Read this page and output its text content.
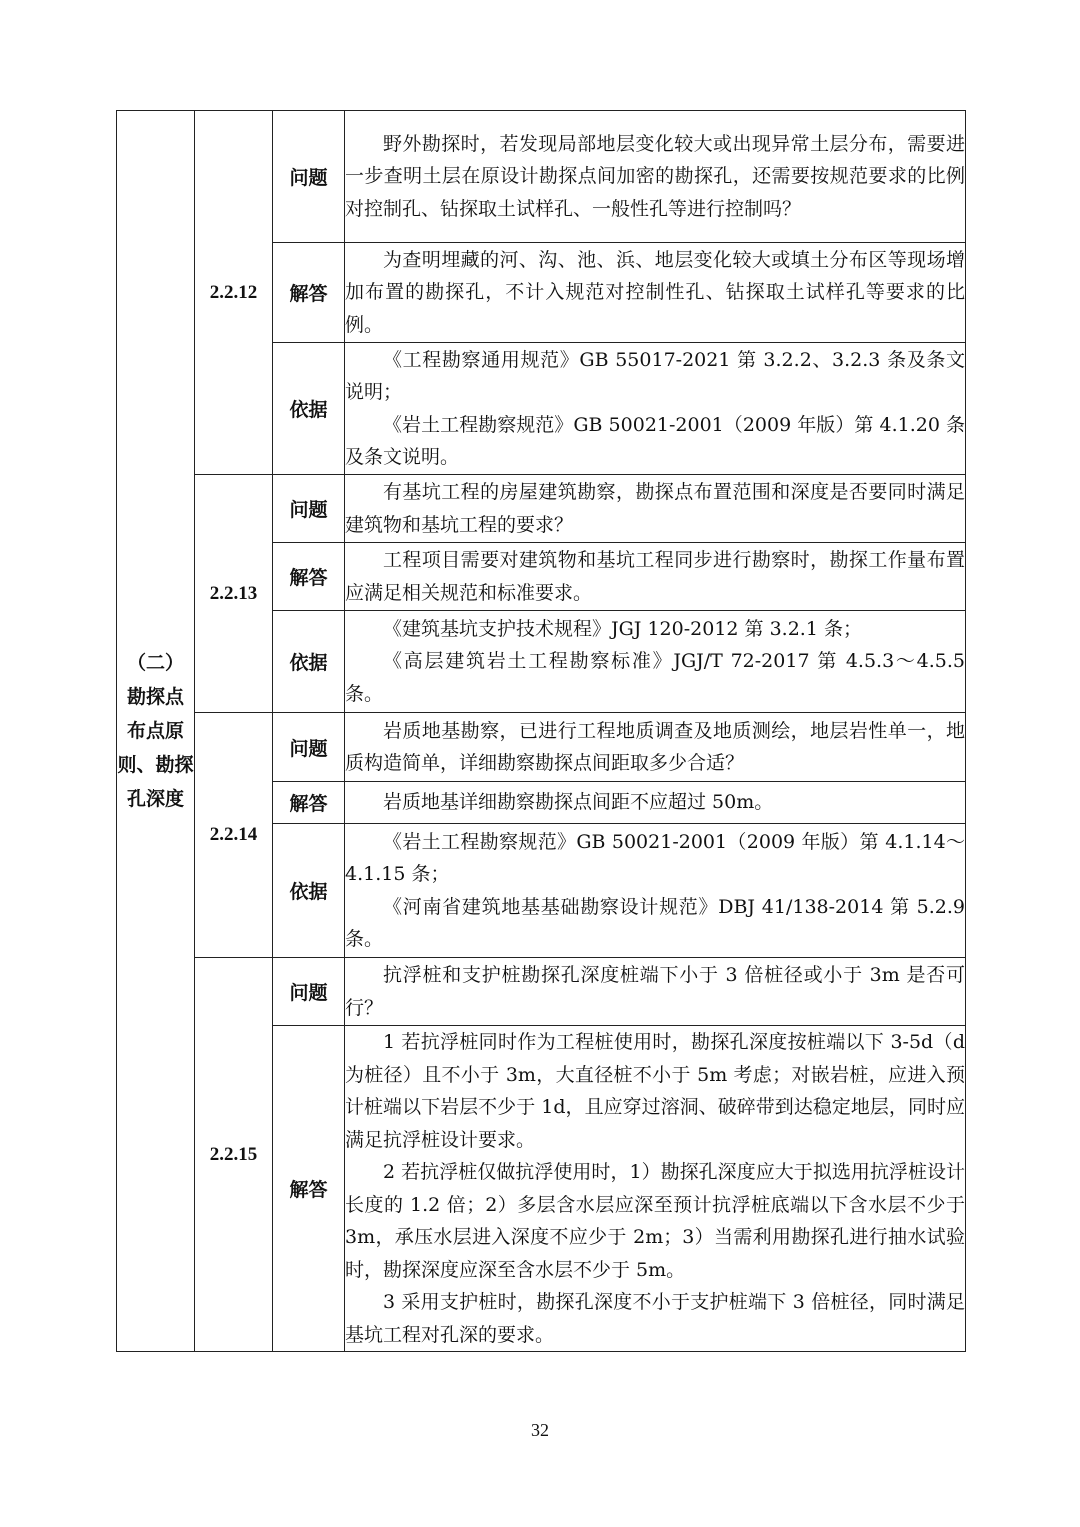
（二）
勘探点
布点原
则、勘探
孔深度	2.2.12	问题	野外勘探时，若发现局部地层变化较大或出现异常土层分布，需要进一步查明土层在原设计勘探点间加密的勘探孔，还需要按规范要求的比例对控制孔、钻探取土试样孔、一般性孔等进行控制吗？

		解答	为查明埋藏的河、沟、池、浜、地层变化较大或填土分布区等现场增加布置的勘探孔，不计入规范对控制性孔、钻探取土试样孔等要求的比例。

		依据	《工程勘察通用规范》GB 55017-2021 第 3.2.2、3.2.3 条及条文说明；

《岩土工程勘察规范》GB 50021-2001（2009 年版）第 4.1.20 条及条文说明。

	2.2.13	问题	有基坑工程的房屋建筑勘察，勘探点布置范围和深度是否要同时满足建筑物和基坑工程的要求？

		解答	工程项目需要对建筑物和基坑工程同步进行勘察时，勘探工作量布置应满足相关规范和标准要求。

		依据	《建筑基坑支护技术规程》JGJ 120-2012 第 3.2.1 条；

《高层建筑岩土工程勘察标准》JGJ/T 72-2017 第 4.5.3～4.5.5 条。

	2.2.14	问题	岩质地基勘察，已进行工程地质调查及地质测绘，地层岩性单一，地质构造简单，详细勘察勘探点间距取多少合适？

		解答	岩质地基详细勘察勘探点间距不应超过 50m。

		依据	《岩土工程勘察规范》GB 50021-2001（2009 年版）第 4.1.14～4.1.15 条；

《河南省建筑地基基础勘察设计规范》DBJ 41/138-2014 第 5.2.9 条。

	2.2.15	问题	抗浮桩和支护桩勘探孔深度桩端下小于 3 倍桩径或小于 3m 是否可行？

		解答	1 若抗浮桩同时作为工程桩使用时，勘探孔深度按桩端以下 3-5d（d 为桩径）且不小于 3m，大直径桩不小于 5m 考虑；对嵌岩桩，应进入预计桩端以下岩层不少于 1d，且应穿过溶洞、破碎带到达稳定地层，同时应满足抗浮桩设计要求。

2 若抗浮桩仅做抗浮使用时，1）勘探孔深度应大于拟选用抗浮桩设计长度的 1.2 倍；2）多层含水层应深至预计抗浮桩底端以下含水层不少于 3m，承压水层进入深度不应少于 2m；3）当需利用勘探孔进行抽水试验时，勘探深度应深至含水层不少于 5m。

3 采用支护桩时，勘探孔深度不小于支护桩端下 3 倍桩径，同时满足基坑工程对孔深的要求。

32
